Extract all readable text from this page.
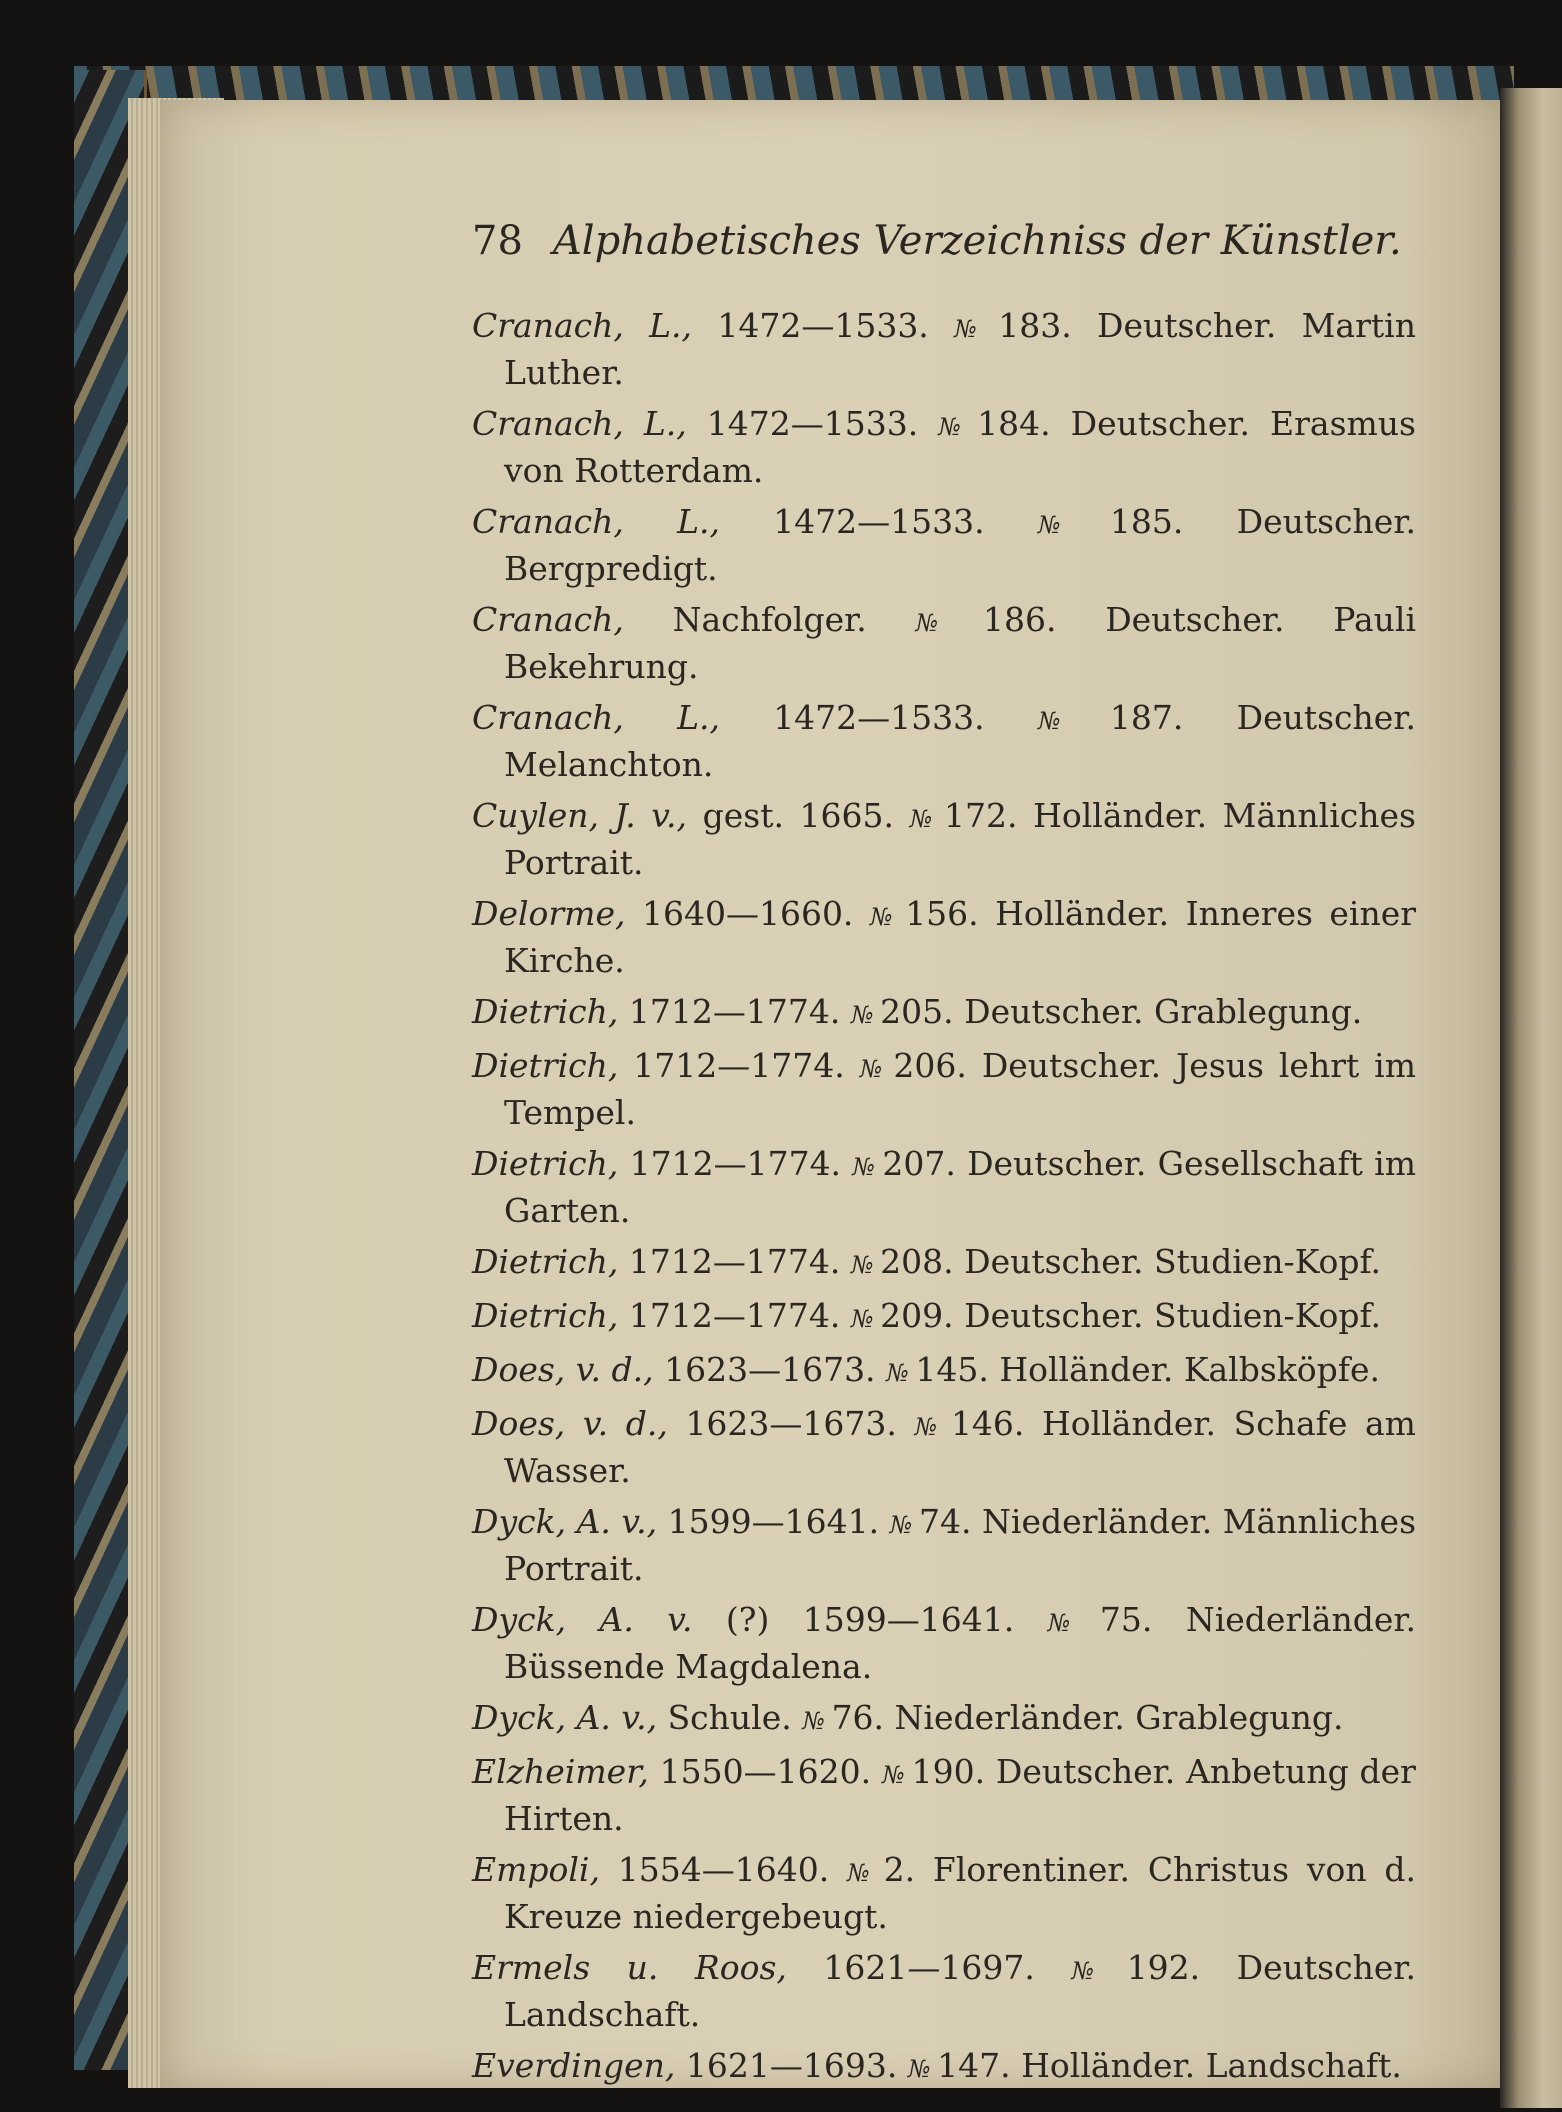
78 Alphabetisches Verzeichniss der Künstler.
Cranach, L., 1472—1533. №  183. Deutscher. Martin Luther.
Cranach, L., 1472—1533. №  184. Deutscher. Erasmus von Rotterdam.
Cranach, L., 1472—1533. №  185. Deutscher. Bergpredigt.
Cranach, Nachfolger. №  186. Deutscher. Pauli Bekehrung.
Cranach, L., 1472—1533. №  187. Deutscher. Melanchton.
Cuylen, J. v., gest. 1665. №  172. Holländer. Männliches Portrait.
Delorme, 1640—1660. №  156. Holländer. Inneres einer Kirche.
Dietrich, 1712—1774. №  205. Deutscher. Grablegung.
Dietrich, 1712—1774. №  206. Deutscher. Jesus lehrt im Tempel.
Dietrich, 1712—1774. №  207. Deutscher. Gesellschaft im Garten.
Dietrich, 1712—1774. №  208. Deutscher. Studien-Kopf.
Dietrich, 1712—1774. №  209. Deutscher. Studien-Kopf.
Does, v. d., 1623—1673. №  145. Holländer. Kalbsköpfe.
Does, v. d., 1623—1673. №  146. Holländer. Schafe am Wasser.
Dyck, A. v., 1599—1641. №  74. Niederländer. Männliches Portrait.
Dyck, A. v. (?) 1599—1641. №  75. Niederländer. Büssende Magdalena.
Dyck, A. v., Schule. №  76. Niederländer. Grablegung.
Elzheimer, 1550—1620. №  190. Deutscher. Anbetung der Hirten.
Empoli, 1554—1640. №  2. Florentiner. Christus von d. Kreuze niedergebeugt.
Ermels u. Roos, 1621—1697. №  192. Deutscher. Landschaft.
Everdingen, 1621—1693. №  147. Holländer. Landschaft.
